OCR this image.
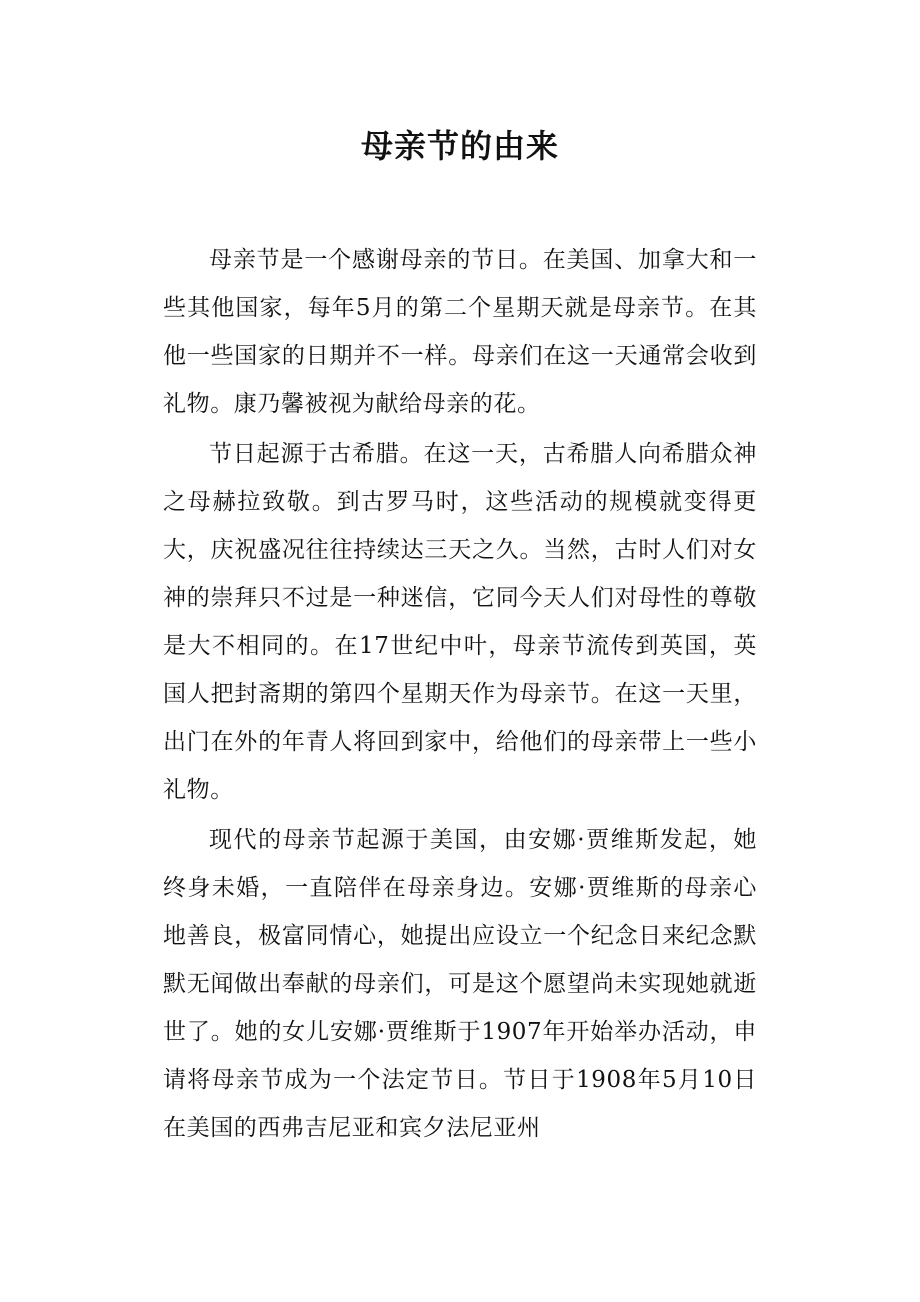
母亲节的由来

母亲节是一个感谢母亲的节日。在美国、加拿大和一些其他国家，每年5月的第二个星期天就是母亲节。在其他一些国家的日期并不一样。母亲们在这一天通常会收到礼物。康乃馨被视为献给母亲的花。

节日起源于古希腊。在这一天，古希腊人向希腊众神之母赫拉致敬。到古罗马时，这些活动的规模就变得更大，庆祝盛况往往持续达三天之久。当然，古时人们对女神的崇拜只不过是一种迷信，它同今天人们对母性的尊敬是大不相同的。在17世纪中叶，母亲节流传到英国，英国人把封斋期的第四个星期天作为母亲节。在这一天里，出门在外的年青人将回到家中，给他们的母亲带上一些小礼物。

现代的母亲节起源于美国，由安娜·贾维斯发起，她终身未婚，一直陪伴在母亲身边。安娜·贾维斯的母亲心地善良，极富同情心，她提出应设立一个纪念日来纪念默默无闻做出奉献的母亲们，可是这个愿望尚未实现她就逝世了。她的女儿安娜·贾维斯于1907年开始举办活动，申请将母亲节成为一个法定节日。节日于1908年5月10日在美国的西弗吉尼亚和宾夕法尼亚州
